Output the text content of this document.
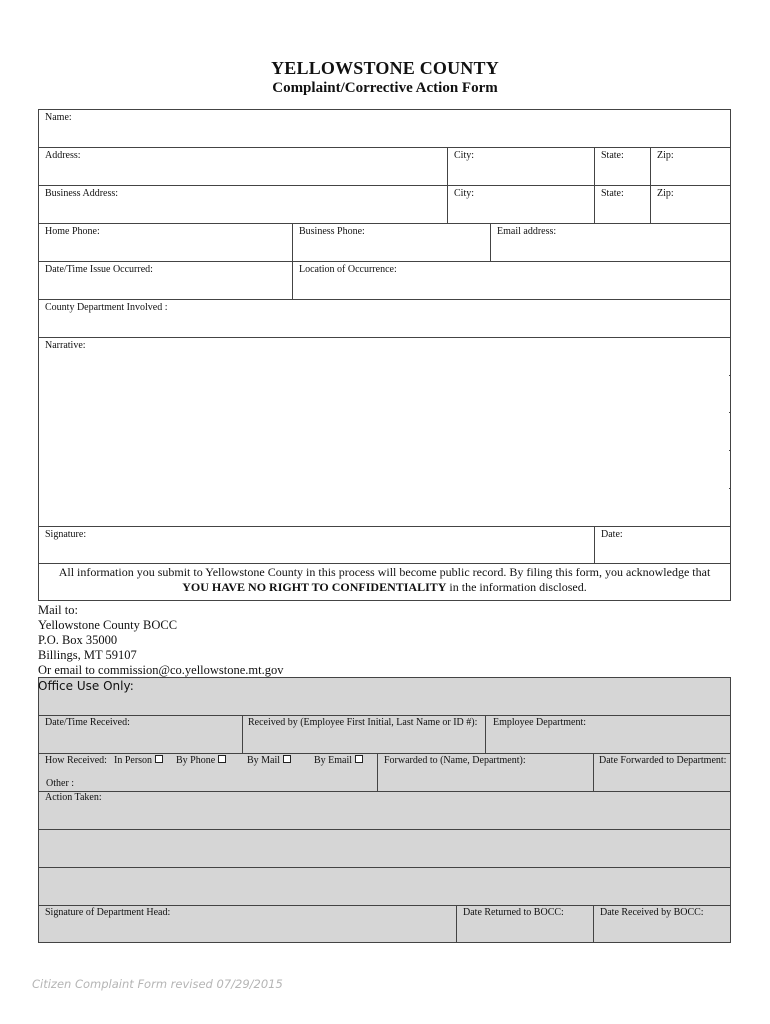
YELLOWSTONE COUNTY
Complaint/Corrective Action Form
Name:
Address:	City:	State:	Zip:
Business Address:	City:	State:	Zip:
Home Phone:	Business Phone:	Email address:
Date/Time Issue Occurred:	Location of Occurrence:
County Department Involved :
Narrative:
Signature:	Date:
All information you submit to Yellowstone County in this process will become public record. By filing this form, you acknowledge that
YOU HAVE NO RIGHT TO CONFIDENTIALITY in the information disclosed.
Mail to:
Yellowstone County BOCC
P.O. Box 35000
Billings, MT 59107
Or email to commission@co.yellowstone.mt.gov
Office Use Only:
Date/Time Received:	Received by (Employee First Initial, Last Name or ID #): Employee Department:
How Received: In Person	By Phone	By Mail	By Email
Other :
Forwarded to (Name, Department):	Date Forwarded to Department:
Action Taken:
Signature of Department Head:	Date Returned to BOCC:	Date Received by BOCC:
Citizen Complaint Form revised 07/29/2015
